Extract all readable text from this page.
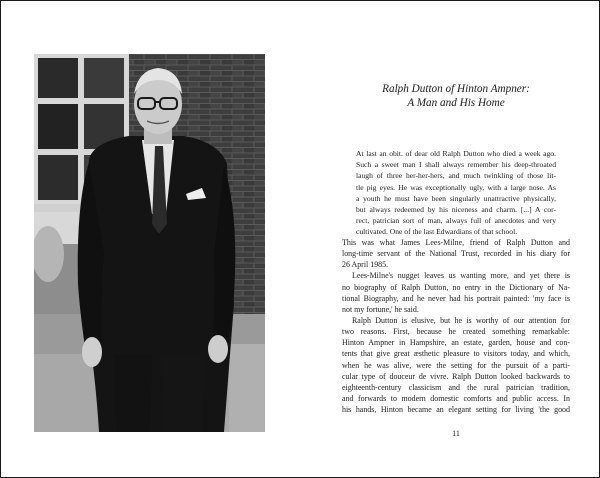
Ralph Dutton of Hinton Ampner:
A Man and His Home
At last an obit. of dear old Ralph Dutton who died a week ago.
Such a sweet man I shall always remember his deep-throated
laugh of three her-her-hers, and much twinkling of those lit-
tle pig eyes. He was exceptionally ugly, with a large nose. As
a youth he must have been singularly unattractive physically,
but always redeemed by his niceness and charm. [...] A cor-
rect, patrician sort of man, always full of anecdotes and very
cultivated. One of the last Edwardians of that school.
This was what James Lees-Milne, friend of Ralph Dutton and
long-time servant of the National Trust, recorded in his diary for
26 April 1985.
Lees-Milne's nugget leaves us wanting more, and yet there is
no biography of Ralph Dutton, no entry in the Dictionary of Na-
tional Biography, and he never had his portrait painted: 'my face is
not my fortune,' he said.
Ralph Dutton is elusive, but he is worthy of our attention for
two reasons. First, because he created something remarkable:
Hinton Ampner in Hampshire, an estate, garden, house and con-
tents that give great æsthetic pleasure to visitors today, and which,
when he was alive, were the setting for the pursuit of a parti-
cular type of douceur de vivre. Ralph Dutton looked backwards to
eighteenth-century classicism and the rural patrician tradition,
and forwards to modern domestic comforts and public access. In
his hands, Hinton became an elegant setting for living 'the good
11
